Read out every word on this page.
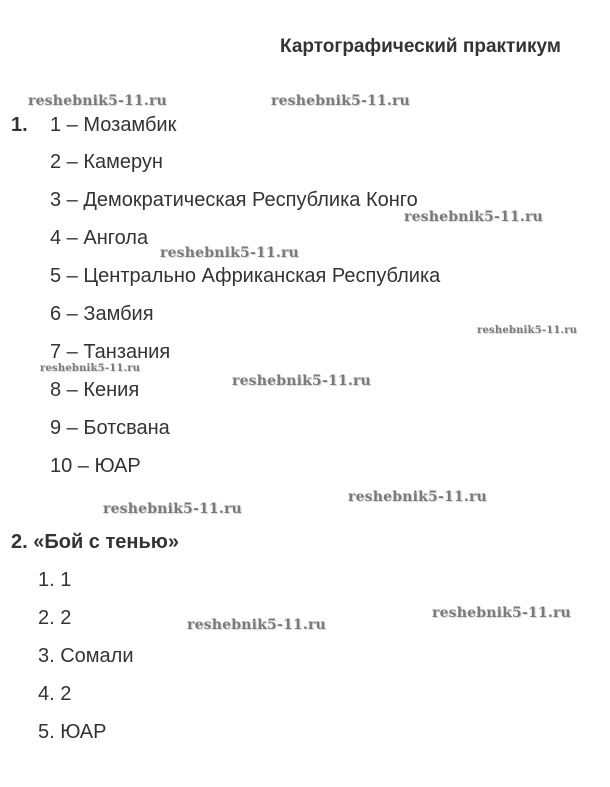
Картографический практикум
1. 1 – Мозамбик
2 – Камерун
3 – Демократическая Республика Конго
4 – Ангола
5 – Центрально Африканская Республика
6 – Замбия
7 – Танзания
8 – Кения
9 – Ботсвана
10 – ЮАР
2. «Бой с тенью»
1. 1
2. 2
3. Сомали
4. 2
5. ЮАР
reshebnik5-11.ru	reshebnik5-11.ru
reshebnik5-11.ru
reshebnik5-11.ru
reshebnik5-11.ru
reshebnik5-11.ru
reshebnik5-11.ru
reshebnik5-11.ru
reshebnik5-11.ru
reshebnik5-11.ru
reshebnik5-11.ru
